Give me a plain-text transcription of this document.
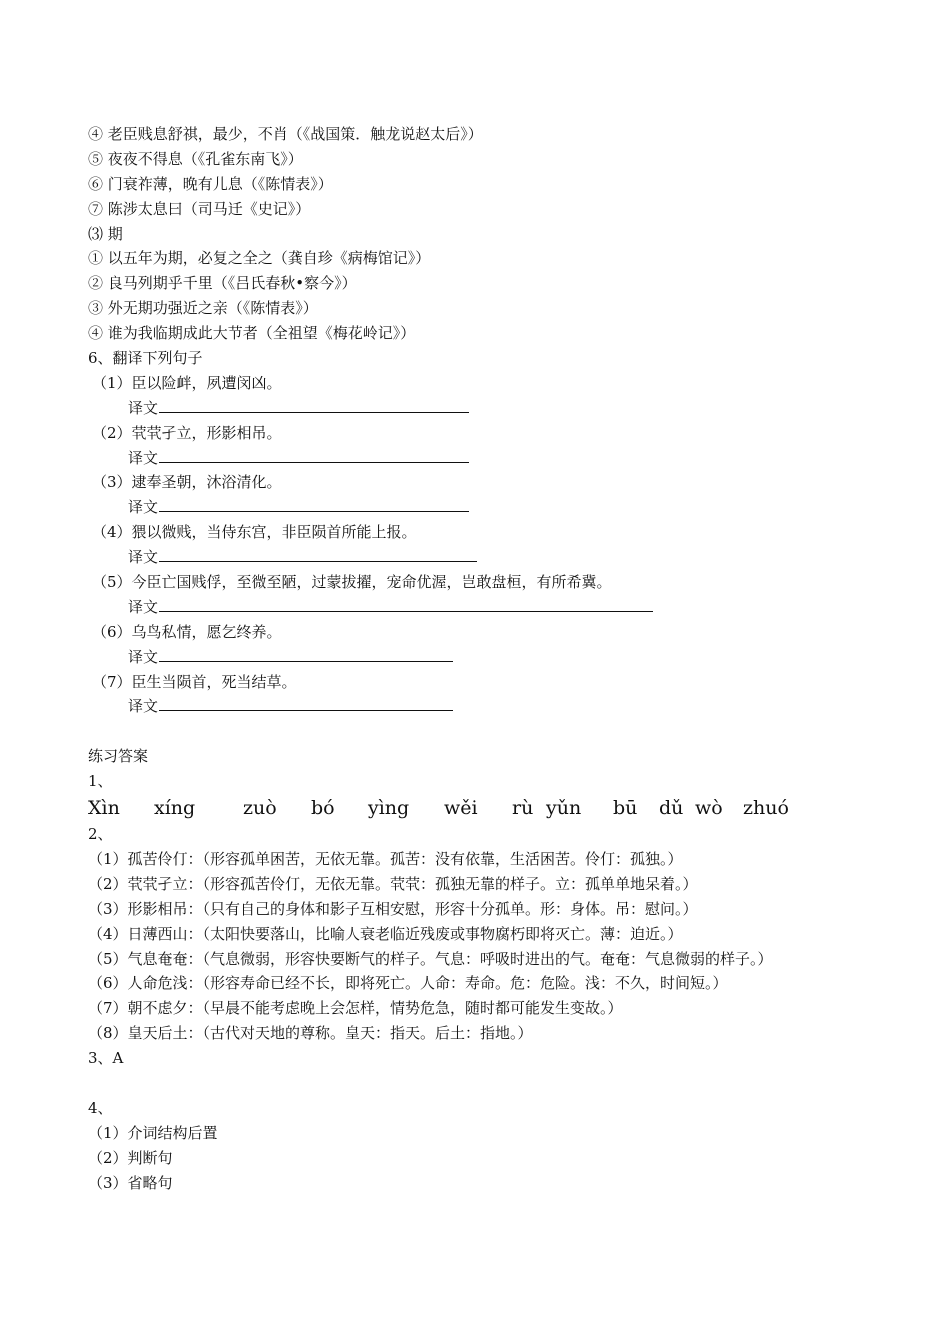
④ 老臣贱息舒祺，最少，不肖（《战国策．触龙说赵太后》）
⑤ 夜夜不得息（《孔雀东南飞》）
⑥ 门衰祚薄，晚有儿息（《陈情表》）
⑦ 陈涉太息曰（司马迁《史记》）
⑶ 期
① 以五年为期，必复之全之（龚自珍《病梅馆记》）
② 良马列期乎千里（《吕氏春秋•察今》）
③ 外无期功强近之亲（《陈情表》）
④ 谁为我临期成此大节者（全祖望《梅花岭记》）
6、翻译下列句子
（1）臣以险衅，夙遭闵凶。
译文
（2）茕茕孑立，形影相吊。
译文
（3）逮奉圣朝，沐浴清化。
译文
（4）猥以微贱，当侍东宫，非臣陨首所能上报。
译文
（5）今臣亡国贱俘，至微至陋，过蒙拔擢，宠命优渥，岂敢盘桓，有所希冀。
译文
（6）乌鸟私情，愿乞终养。
译文
（7）臣生当陨首，死当结草。
译文
练习答案
1、
Xìn	xíng	zuò	bó	yìng	wěi	rù yǔn	bū	dǔ wò	zhuó
2、
（1）孤苦伶仃：（形容孤单困苦，无依无靠。孤苦：没有依靠，生活困苦。伶仃：孤独。）
（2）茕茕孑立：（形容孤苦伶仃，无依无靠。茕茕：孤独无靠的样子。立：孤单单地呆着。）
（3）形影相吊：（只有自己的身体和影子互相安慰，形容十分孤单。形：身体。吊：慰问。）
（4）日薄西山：（太阳快要落山，比喻人衰老临近残废或事物腐朽即将灭亡。薄：迫近。）
（5）气息奄奄：（气息微弱，形容快要断气的样子。气息：呼吸时进出的气。奄奄：气息微弱的样子。）
（6）人命危浅：（形容寿命已经不长，即将死亡。人命：寿命。危：危险。浅：不久，时间短。）
（7）朝不虑夕：（早晨不能考虑晚上会怎样，情势危急，随时都可能发生变故。）
（8）皇天后土：（古代对天地的尊称。皇天：指天。后土：指地。）
3、A
4、
（1）介词结构后置
（2）判断句
（3）省略句
